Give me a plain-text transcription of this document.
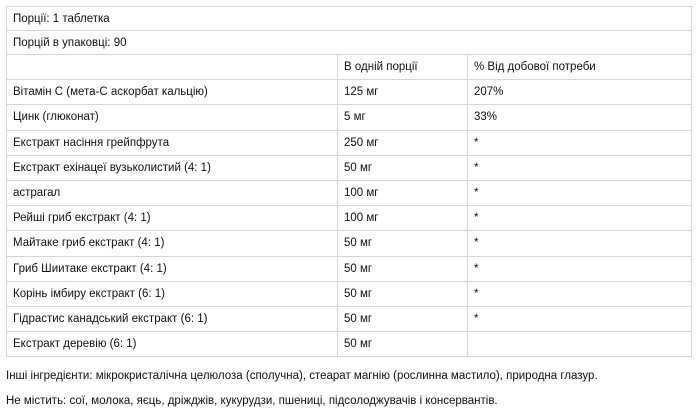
Порції: 1 таблетка		
Порцій в упаковці: 90		
	В одній порції	% Від добової потреби
Вітамін С (мета-С аскорбат кальцію)	125 мг	207%
Цинк (глюконат)	5 мг	33%
Екстракт насіння грейпфрута	250 мг	*
Екстракт ехінацеї вузьколистий (4: 1)	50 мг	*
астрагал	100 мг	*
Рейші гриб екстракт (4: 1)	100 мг	*
Майтаке гриб екстракт (4: 1)	50 мг	*
Гриб Шиитаке екстракт (4: 1)	50 мг	*
Корінь імбиру екстракт (6: 1)	50 мг	*
Гідрастис канадський екстракт (6: 1)	50 мг	*
Екстракт деревію (6: 1)	50 мг	
Інші інгредієнти: мікрокристалічна целюлоза (сполучна), стеарат магнію (рослинна мастило), природна глазур.
Не містить: сої, молока, яєць, дріжджів, кукурудзи, пшениці, підсолоджувачів і консервантів.
